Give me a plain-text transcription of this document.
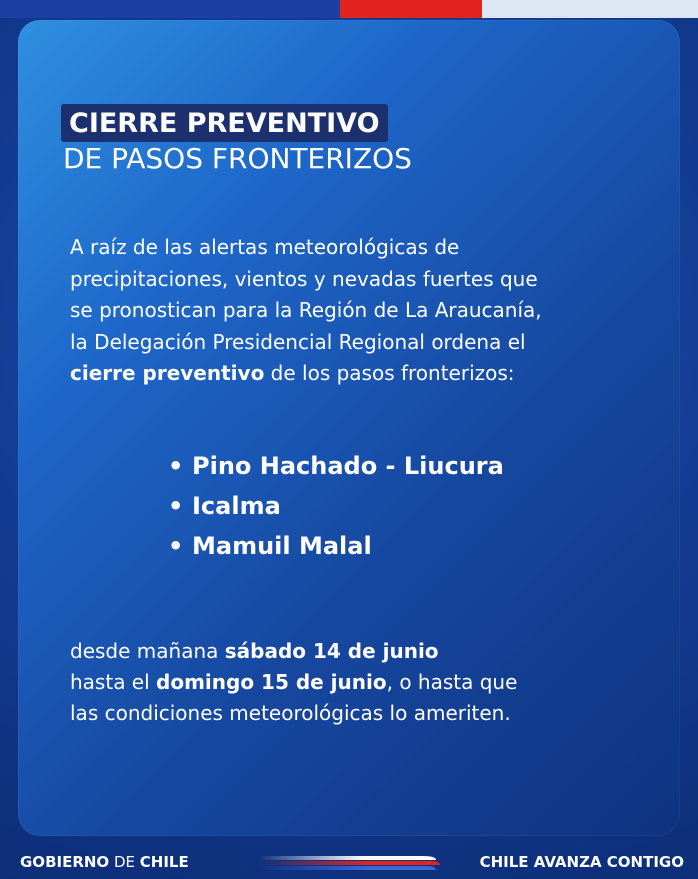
CIERRE PREVENTIVO
DE PASOS FRONTERIZOS
A raíz de las alertas meteorológicas de
precipitaciones, vientos y nevadas fuertes que
se pronostican para la Región de La Araucanía,
la Delegación Presidencial Regional ordena el
cierre preventivo de los pasos fronterizos:
• Pino Hachado - Liucura
• Icalma
• Mamuil Malal
desde mañana sábado 14 de junio
hasta el domingo 15 de junio, o hasta que
las condiciones meteorológicas lo ameriten.
GOBIERNO DE CHILE	CHILE AVANZA CONTIGO
